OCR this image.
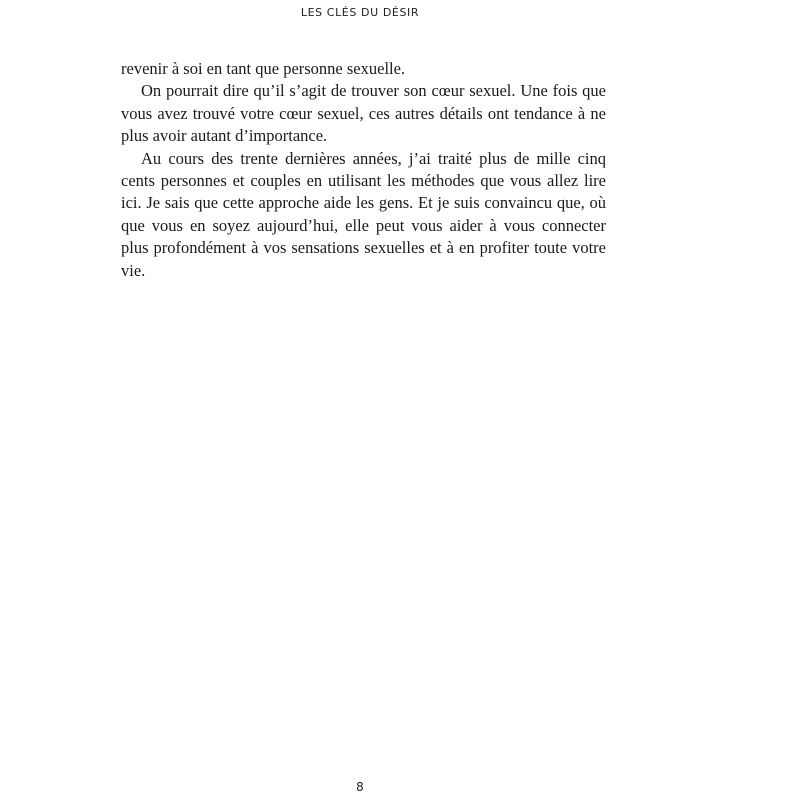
LES CLÉS DU DÉSIR

revenir à soi en tant que personne sexuelle.

On pourrait dire qu’il s’agit de trouver son cœur sexuel. Une fois que vous avez trouvé votre cœur sexuel, ces autres détails ont tendance à ne plus avoir autant d’importance.

Au cours des trente dernières années, j’ai traité plus de mille cinq cents personnes et couples en utilisant les méthodes que vous allez lire ici. Je sais que cette approche aide les gens. Et je suis convaincu que, où que vous en soyez aujourd’hui, elle peut vous aider à vous connecter plus profondément à vos sensations sexuelles et à en profiter toute votre vie.

8
